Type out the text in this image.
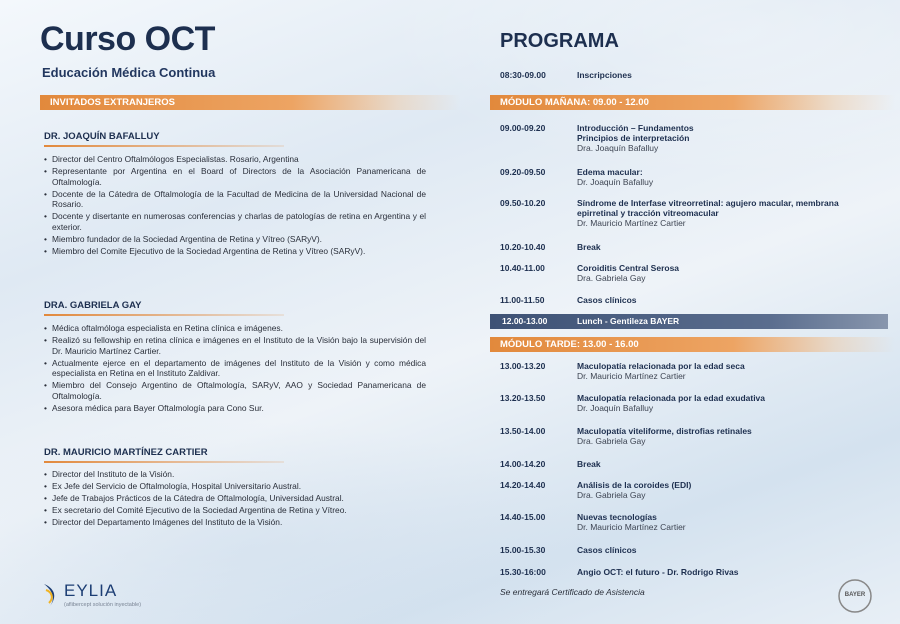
Curso OCT
Educación Médica Continua
INVITADOS EXTRANJEROS
DR. JOAQUÍN BAFALLUY
• Director del Centro Oftalmólogos Especialistas. Rosario, Argentina
• Representante por Argentina en el Board of Directors de la Asociación Panamericana de Oftalmología.
• Docente de la Cátedra de Oftalmología de la Facultad de Medicina de la Universidad Nacional de Rosario.
• Docente y disertante en numerosas conferencias y charlas de patologías de retina en Argentina y el exterior.
• Miembro fundador de la Sociedad Argentina de Retina y Vítreo (SARyV).
• Miembro del Comite Ejecutivo de la Sociedad Argentina de Retina y Vítreo (SARyV).
DRA. GABRIELA GAY
• Médica oftalmóloga especialista en Retina clínica e imágenes.
• Realizó su fellowship en retina clínica e imágenes en el Instituto de la Visión bajo la supervisión del Dr. Mauricio Martínez Cartier.
• Actualmente ejerce en el departamento de imágenes del Instituto de la Visión y como médica especialista en Retina en el Instituto Zaldivar.
• Miembro del Consejo Argentino de Oftalmología, SARyV, AAO y Sociedad Panamericana de Oftalmología.
• Asesora médica para Bayer Oftalmología para Cono Sur.
DR. MAURICIO MARTÍNEZ CARTIER
• Director del Instituto de la Visión.
• Ex Jefe del Servicio de Oftalmología, Hospital Universitario Austral.
• Jefe de Trabajos Prácticos de la Cátedra de Oftalmología, Universidad Austral.
• Ex secretario del Comité Ejecutivo de la Sociedad Argentina de Retina y Vítreo.
• Director del Departamento Imágenes del Instituto de la Visión.
PROGRAMA
08:30-09.00	Inscripciones
MÓDULO MAÑANA: 09.00 - 12.00
09.00-09.20	Introducción – Fundamentos
Principios de interpretación
Dra. Joaquín Bafalluy
09.20-09.50	Edema macular:
Dr. Joaquín Bafalluy
09.50-10.20	Síndrome de Interfase vitreorretinal: agujero macular, membrana epirretinal y tracción vitreomacular
Dr. Mauricio Martínez Cartier
10.20-10.40	Break
10.40-11.00	Coroiditis Central Serosa
Dra. Gabriela Gay
11.00-11.50	Casos clínicos
12.00-13.00	Lunch - Gentileza BAYER
MÓDULO TARDE: 13.00 - 16.00
13.00-13.20	Maculopatía relacionada por la edad seca
Dr. Mauricio Martínez Cartier
13.20-13.50	Maculopatía relacionada por la edad exudativa
Dr. Joaquín Bafalluy
13.50-14.00	Maculopatía viteliforme, distrofias retinales
Dra. Gabriela Gay
14.00-14.20	Break
14.20-14.40	Análisis de la coroides (EDI)
Dra. Gabriela Gay
14.40-15.00	Nuevas tecnologías
Dr. Mauricio Martínez Cartier
15.00-15.30	Casos clínicos
15.30-16:00	Angio OCT: el futuro - Dr. Rodrigo Rivas
Se entregará Certificado de Asistencia
EYLIA
(aflibercept solución inyectable)
BAYER
